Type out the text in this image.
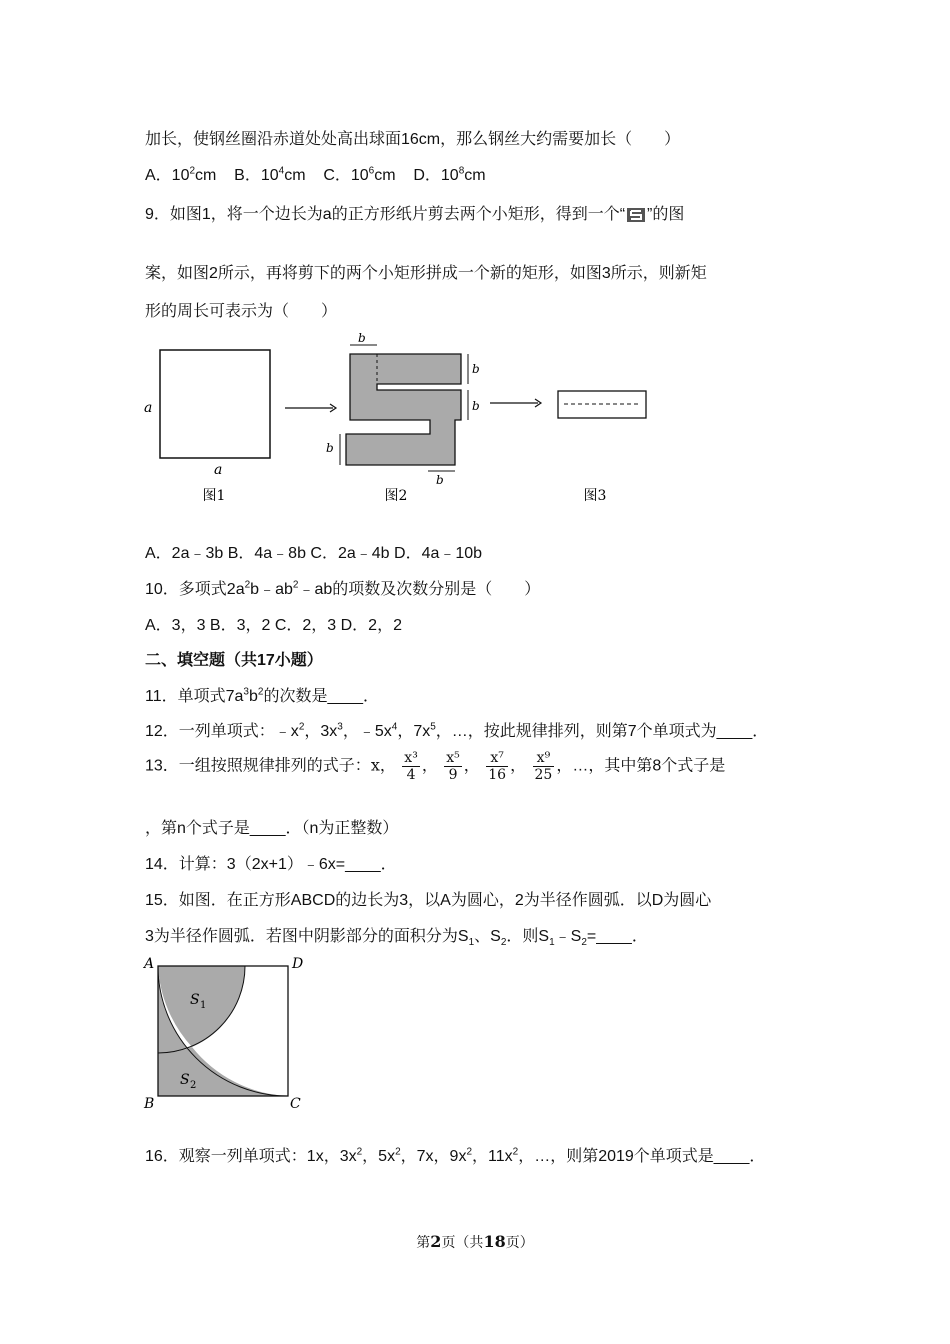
加长，使钢丝圈沿赤道处处高出球面16cm，那么钢丝大约需要加长（　　）
A．$10^2cm$ B．$10^4cm$ C．$10^6cm$ D．$10^8cm$
9．如图1，将一个边长为a的正方形纸片剪去两个小矩形，得到一个“ ”的图
案，如图2所示，再将剪下的两个小矩形拼成一个新的矩形，如图3所示，则新矩
形的周长可表示为（　　）
a
a
图1
b
b
b
b
b
图2	图3
A．2a﹣3b B．4a﹣8b C．2a﹣4b D．4a﹣10b
10．多项式$2a^2b﹣ab^2﹣ab$的项数及次数分别是（　　）
A．3，3 B．3，2 C．2，3 D．2，2
二、填空题（共17小题）
11．单项式$7a^3b^2$的次数是____．
12．一列单项式：$﹣x^2$，$3x^3$，$﹣5x^4$，$7x^5$，…，按此规律排列，则第7个单项式为____．
13．一组按照规律排列的式子：x， $\frac{\text{x³}}{4}$ ， $\frac{\text{x⁵}}{9}$ ， $\frac{\text{x⁷}}{16}$ ， $\frac{\text{x⁹}}{25}$ ，…，其中第8个式子是
，第n个式子是____．（n为正整数）
14．计算：3（2x+1）﹣6x=____．
15．如图．在正方形ABCD的边长为3，以A为圆心，2为半径作圆弧．以D为圆心
3为半径作圆弧．若图中阴影部分的面积分为$S_1$、$S_2$．则$S_1﹣S_2=\_\_\_\_$．
A	D
B	C
S 1
S 2
16．观察一列单项式：1x，$3x^2$，$5x^2$，7x，$9x^2$，$11x^2$，…，则第2019个单项式是____．
第2页（共18页）
